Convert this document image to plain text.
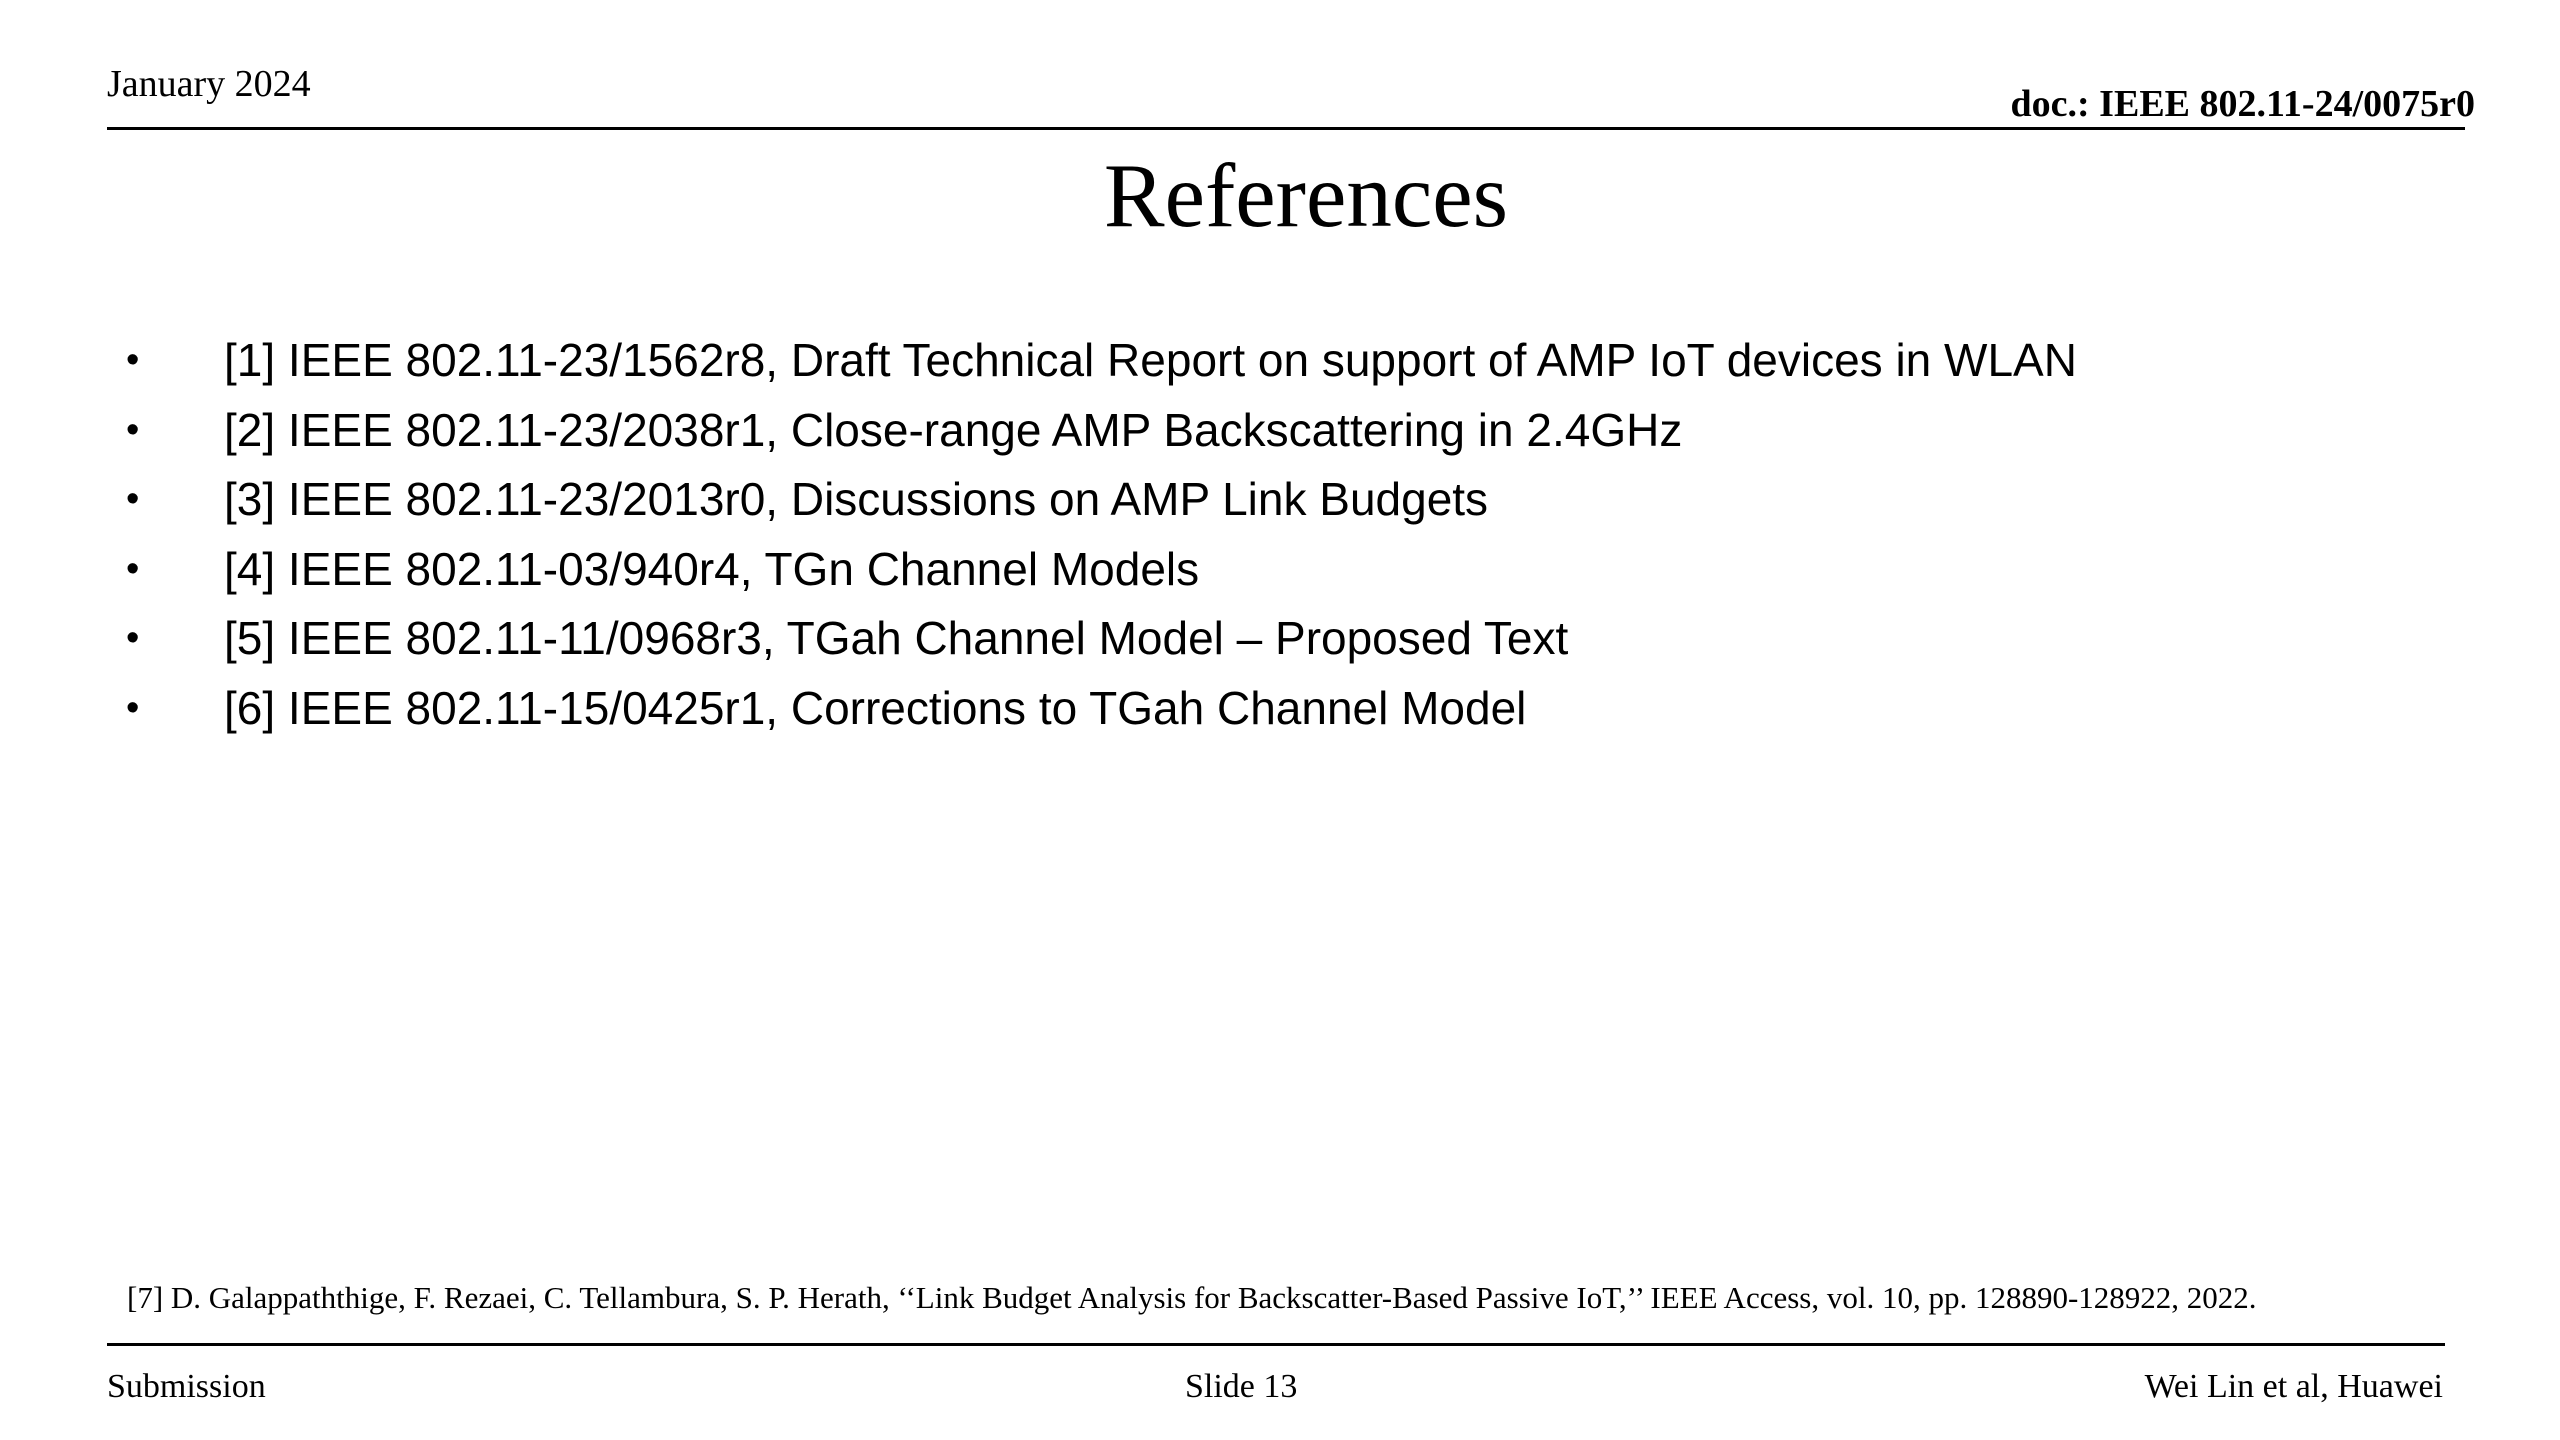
January 2024	doc.: IEEE 802.11-24/0075r0
References
• [1] IEEE 802.11-23/1562r8, Draft Technical Report on support of AMP IoT devices in WLAN
• [2] IEEE 802.11-23/2038r1, Close-range AMP Backscattering in 2.4GHz
• [3] IEEE 802.11-23/2013r0, Discussions on AMP Link Budgets
• [4] IEEE 802.11-03/940r4, TGn Channel Models
• [5] IEEE 802.11-11/0968r3, TGah Channel Model – Proposed Text
• [6] IEEE 802.11-15/0425r1, Corrections to TGah Channel Model
[7] D. Galappaththige, F. Rezaei, C. Tellambura, S. P. Herath, ‘‘Link Budget Analysis for Backscatter-Based Passive IoT,’’ IEEE Access, vol. 10, pp. 128890-128922, 2022.
Submission	Slide 13	Wei Lin et al, Huawei
